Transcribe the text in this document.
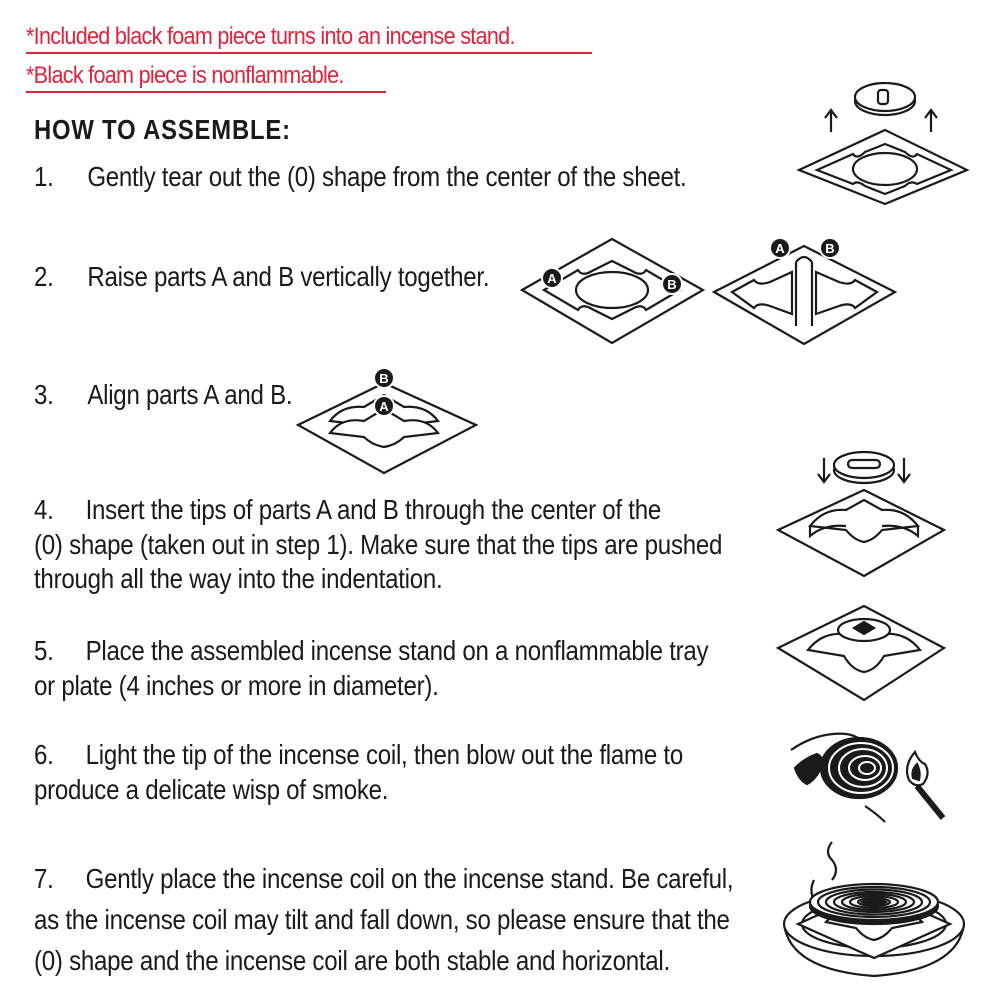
*Included black foam piece turns into an incense stand.
*Black foam piece is nonflammable.
HOW TO ASSEMBLE:
1. Gently tear out the (0) shape from the center of the sheet.
2. Raise parts A and B vertically together.
3. Align parts A and B.
4. Insert the tips of parts A and B through the center of the
(0) shape (taken out in step 1). Make sure that the tips are pushed
through all the way into the indentation.
5. Place the assembled incense stand on a nonflammable tray
or plate (4 inches or more in diameter).
6. Light the tip of the incense coil, then blow out the flame to
produce a delicate wisp of smoke.
7. Gently place the incense coil on the incense stand. Be careful,
as the incense coil may tilt and fall down, so please ensure that the
(0) shape and the incense coil are both stable and horizontal.
A	B
A	B
B
A
